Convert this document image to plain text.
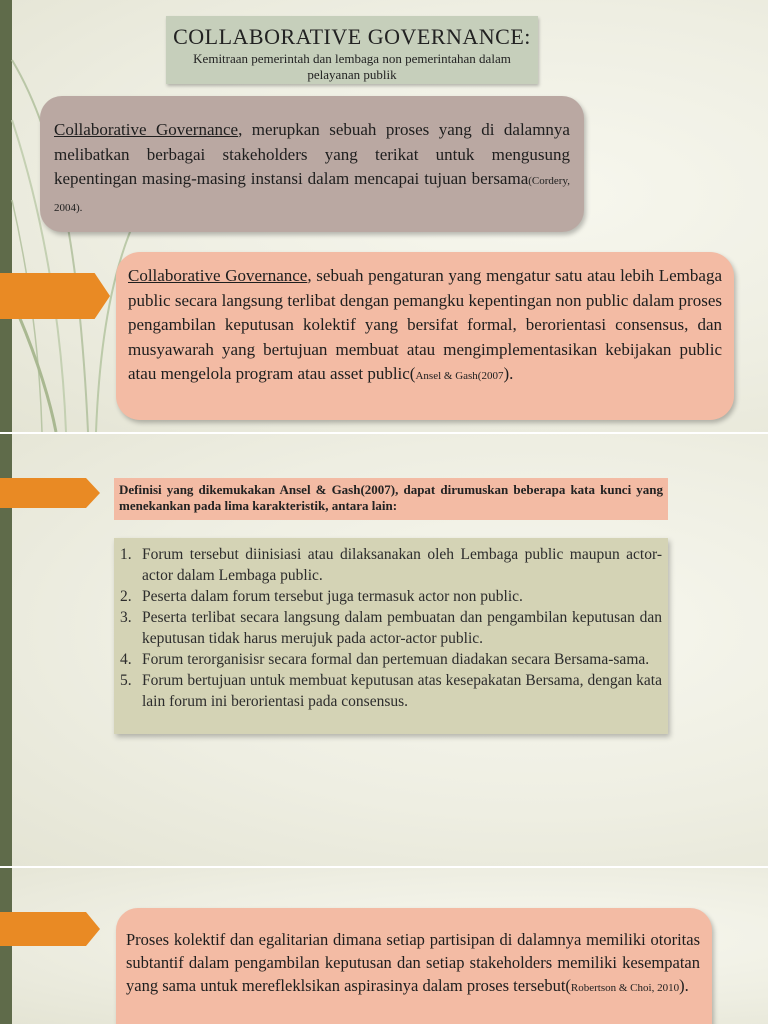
COLLABORATIVE GOVERNANCE:
Kemitraan pemerintah dan lembaga non pemerintahan dalam pelayanan publik
Collaborative Governance, merupkan sebuah proses yang di dalamnya melibatkan berbagai stakeholders yang terikat untuk mengusung kepentingan masing-masing instansi dalam mencapai tujuan bersama(Cordery, 2004).
Collaborative Governance, sebuah pengaturan yang mengatur satu atau lebih Lembaga public secara langsung terlibat dengan pemangku kepentingan non public dalam proses pengambilan keputusan kolektif yang bersifat formal, berorientasi consensus, dan musyawarah yang bertujuan membuat atau mengimplementasikan kebijakan public atau mengelola program atau asset public(Ansel & Gash(2007).
Definisi yang dikemukakan Ansel & Gash(2007), dapat dirumuskan beberapa kata kunci yang menekankan pada lima karakteristik, antara lain:
1. Forum tersebut diinisiasi atau dilaksanakan oleh Lembaga public maupun actor-actor dalam Lembaga public.
2. Peserta dalam forum tersebut juga termasuk actor non public.
3. Peserta terlibat secara langsung dalam pembuatan dan pengambilan keputusan dan keputusan tidak harus merujuk pada actor-actor public.
4. Forum terorganisisr secara formal dan pertemuan diadakan secara Bersama-sama.
5. Forum bertujuan untuk membuat keputusan atas kesepakatan Bersama, dengan kata lain forum ini berorientasi pada consensus.
Proses kolektif dan egalitarian dimana setiap partisipan di dalamnya memiliki otoritas subtantif dalam pengambilan keputusan dan setiap stakeholders memiliki kesempatan yang sama untuk merefleklsikan aspirasinya dalam proses tersebut(Robertson & Choi, 2010).
